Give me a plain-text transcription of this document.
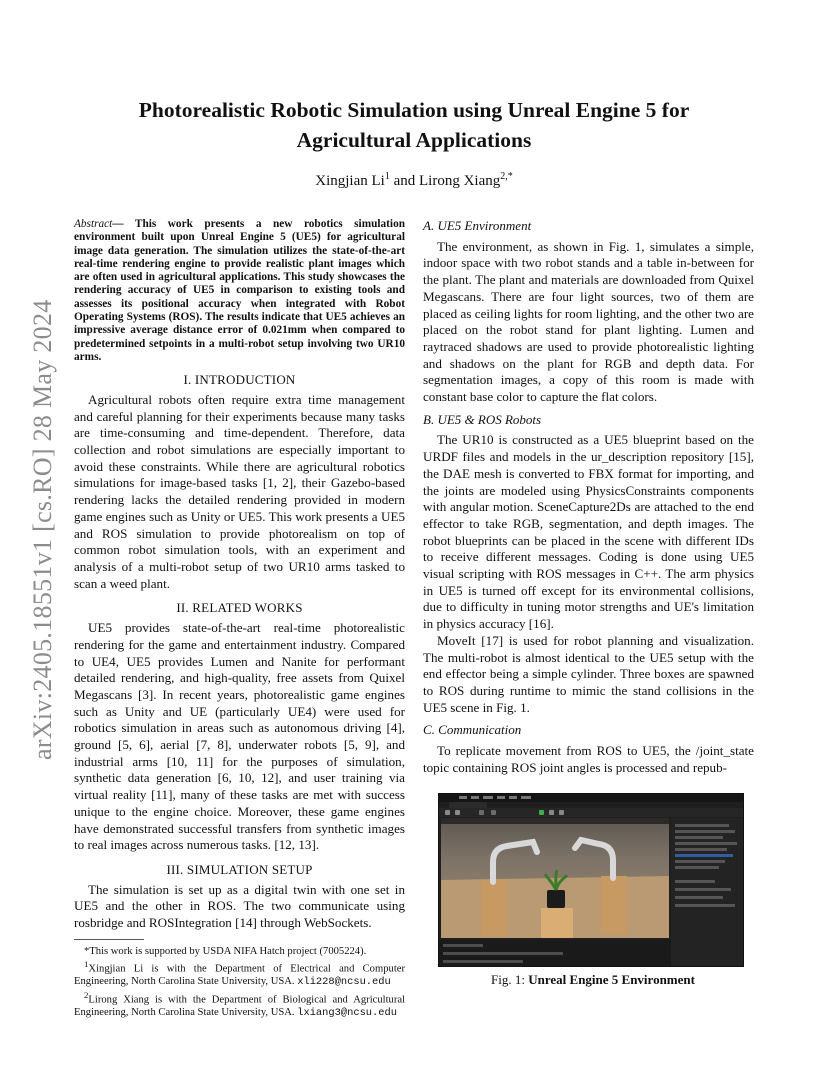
arXiv:2405.18551v1 [cs.RO] 28 May 2024
Photorealistic Robotic Simulation using Unreal Engine 5 for
Agricultural Applications
Xingjian Li$^1$ and Lirong Xiang$^{2,*}$
Abstract— This work presents a new robotics simulation environment built upon Unreal Engine 5 (UE5) for agricultural image data generation. The simulation utilizes the state-of-the-art real-time rendering engine to provide realistic plant images which are often used in agricultural applications. This study showcases the rendering accuracy of UE5 in comparison to existing tools and assesses its positional accuracy when integrated with Robot Operating Systems (ROS). The results indicate that UE5 achieves an impressive average distance error of 0.021mm when compared to predetermined setpoints in a multi-robot setup involving two UR10 arms.
I. INTRODUCTION

Agricultural robots often require extra time management and careful planning for their experiments because many tasks are time-consuming and time-dependent. Therefore, data collection and robot simulations are especially important to avoid these constraints. While there are agricultural robotics simulations for image-based tasks [1, 2], their Gazebo-based rendering lacks the detailed rendering provided in modern game engines such as Unity or UE5. This work presents a UE5 and ROS simulation to provide photorealism on top of common robot simulation tools, with an experiment and analysis of a multi-robot setup of two UR10 arms tasked to scan a weed plant.

II. RELATED WORKS

UE5 provides state-of-the-art real-time photorealistic rendering for the game and entertainment industry. Compared to UE4, UE5 provides Lumen and Nanite for performant detailed rendering, and high-quality, free assets from Quixel Megascans [3]. In recent years, photorealistic game engines such as Unity and UE (particularly UE4) were used for robotics simulation in areas such as autonomous driving [4], ground [5, 6], aerial [7, 8], underwater robots [5, 9], and industrial arms [10, 11] for the purposes of simulation, synthetic data generation [6, 10, 12], and user training via virtual reality [11], many of these tasks are met with success unique to the engine choice. Moreover, these game engines have demonstrated successful transfers from synthetic images to real images across numerous tasks. [12, 13].

III. SIMULATION SETUP

The simulation is set up as a digital twin with one set in UE5 and the other in ROS. The two communicate using rosbridge and ROSIntegration [14] through WebSockets.

*This work is supported by USDA NIFA Hatch project (7005224).

$^1$Xingjian Li is with the Department of Electrical and Computer Engineering, North Carolina State University, USA. xli228@ncsu.edu

$^2$Lirong Xiang is with the Department of Biological and Agricultural Engineering, North Carolina State University, USA. lxiang3@ncsu.edu

A. UE5 Environment

The environment, as shown in Fig. 1, simulates a simple, indoor space with two robot stands and a table in-between for the plant. The plant and materials are downloaded from Quixel Megascans. There are four light sources, two of them are placed as ceiling lights for room lighting, and the other two are placed on the robot stand for plant lighting. Lumen and raytraced shadows are used to provide photorealistic lighting and shadows on the plant for RGB and depth data. For segmentation images, a copy of this room is made with constant base color to capture the flat colors.

B. UE5 & ROS Robots

The UR10 is constructed as a UE5 blueprint based on the URDF files and models in the ur_description repository [15], the DAE mesh is converted to FBX format for importing, and the joints are modeled using PhysicsConstraints components with angular motion. SceneCapture2Ds are attached to the end effector to take RGB, segmentation, and depth images. The robot blueprints can be placed in the scene with different IDs to receive different messages. Coding is done using UE5 visual scripting with ROS messages in C++. The arm physics in UE5 is turned off except for its environmental collisions, due to difficulty in tuning motor strengths and UE's limitation in physics accuracy [16].

MoveIt [17] is used for robot planning and visualization. The multi-robot is almost identical to the UE5 setup with the end effector being a simple cylinder. Three boxes are spawned to ROS during runtime to mimic the stand collisions in the UE5 scene in Fig. 1.

C. Communication

To replicate movement from ROS to UE5, the /joint_state topic containing ROS joint angles is processed and repub-

Fig. 1: Unreal Engine 5 Environment
